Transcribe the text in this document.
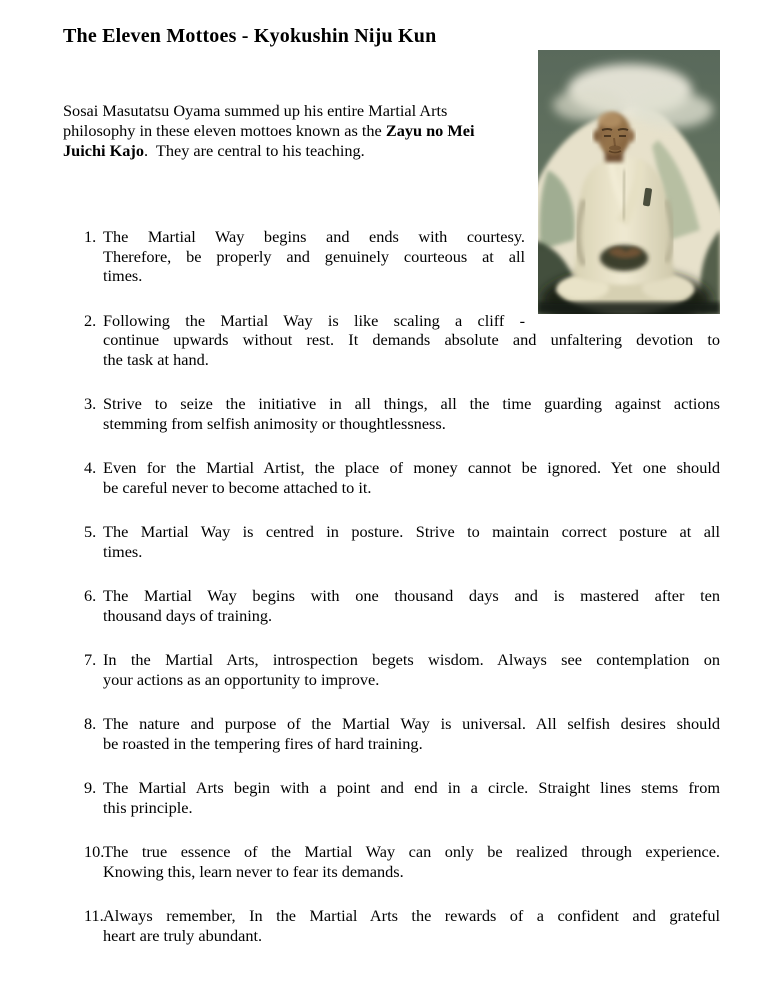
The Eleven Mottoes - Kyokushin Niju Kun
Sosai Masutatsu Oyama summed up his entire Martial Arts
philosophy in these eleven mottoes known as the Zayu no Mei
Juichi Kajo.  They are central to his teaching.
1. The Martial Way begins and ends with courtesy.
Therefore, be properly and genuinely courteous at all
times.
2. Following the Martial Way is like scaling a cliff -
continue upwards without rest. It demands absolute and unfaltering devotion to
the task at hand.
3. Strive to seize the initiative in all things, all the time guarding against actions
stemming from selfish animosity or thoughtlessness.
4. Even for the Martial Artist, the place of money cannot be ignored. Yet one should
be careful never to become attached to it.
5. The Martial Way is centred in posture. Strive to maintain correct posture at all
times.
6. The Martial Way begins with one thousand days and is mastered after ten
thousand days of training.
7. In the Martial Arts, introspection begets wisdom. Always see contemplation on
your actions as an opportunity to improve.
8. The nature and purpose of the Martial Way is universal. All selfish desires should
be roasted in the tempering fires of hard training.
9. The Martial Arts begin with a point and end in a circle. Straight lines stems from
this principle.
10.The true essence of the Martial Way can only be realized through experience.
Knowing this, learn never to fear its demands.
11.Always remember, In the Martial Arts the rewards of a confident and grateful
heart are truly abundant.
